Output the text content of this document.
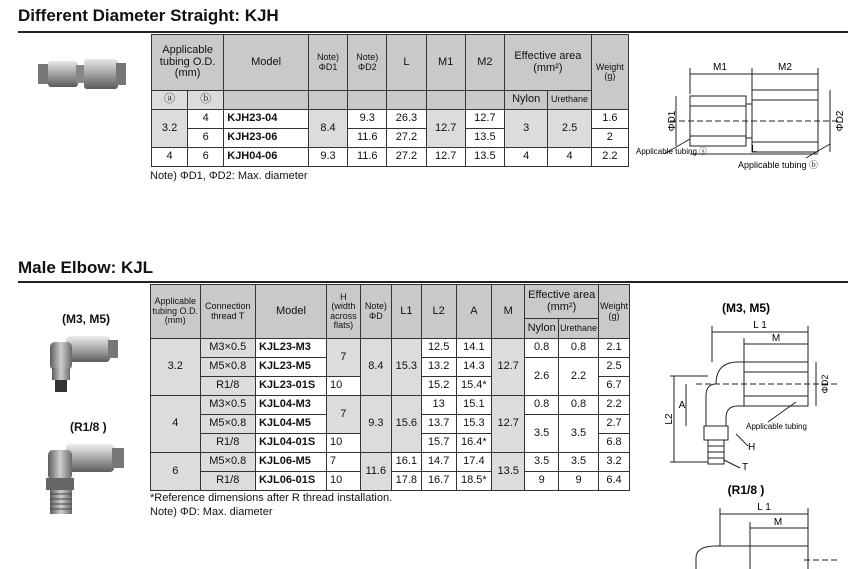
Different Diameter Straight: KJH
Applicable tubing O.D. (mm)		Model	Note) ΦD1	Note) ΦD2	L	M1	M2	Effective area (mm²)		Weight (g)

ⓐ	ⓑ							Nylon	Urethane	
3.2	4	KJH23-04	8.4	9.3	26.3	12.7	12.7	3	2.5	1.6
	6	KJH23-06		11.6	27.2		13.5			2
4	6	KJH04-06	9.3	11.6	27.2	12.7	13.5	4	4	2.2
Note) ΦD1, ΦD2: Max. diameter
M1	M2
ΦD1	ΦD2
L
Applicable tubing ⓐ
Applicable tubing ⓑ
Male Elbow: KJL
(M3, M5)
(R1/8 )
Applicable tubing O.D. (mm)	Connection thread T	Model	H (width across flats)	Note) ΦD	L1	L2	A	M	Effective area (mm²)		Weight (g)
									Nylon	Urethane	
3.2	M3×0.5	KJL23-M3	7	8.4	15.3	12.5	14.1	12.7	0.8	0.8	2.1
	M5×0.8	KJL23-M5				13.2	14.3		2.6	2.2	2.5
	R1/8	KJL23-01S	10			15.2	15.4*				6.7
4	M3×0.5	KJL04-M3	7	9.3	15.6	13	15.1	12.7	0.8	0.8	2.2
	M5×0.8	KJL04-M5				13.7	15.3		3.5	3.5	2.7
	R1/8	KJL04-01S	10			15.7	16.4*				6.8
6	M5×0.8	KJL06-M5	7	11.6	16.1	14.7	17.4	13.5	3.5	3.5	3.2
	R1/8	KJL06-01S	10		17.8	16.7	18.5*		9	9	6.4
*Reference dimensions after R thread installation.
Note) ΦD: Max. diameter
(M3, M5)
L 1
M
ΦD2
L2
A
H
T
Applicable tubing
(R1/8 )
L 1
M
